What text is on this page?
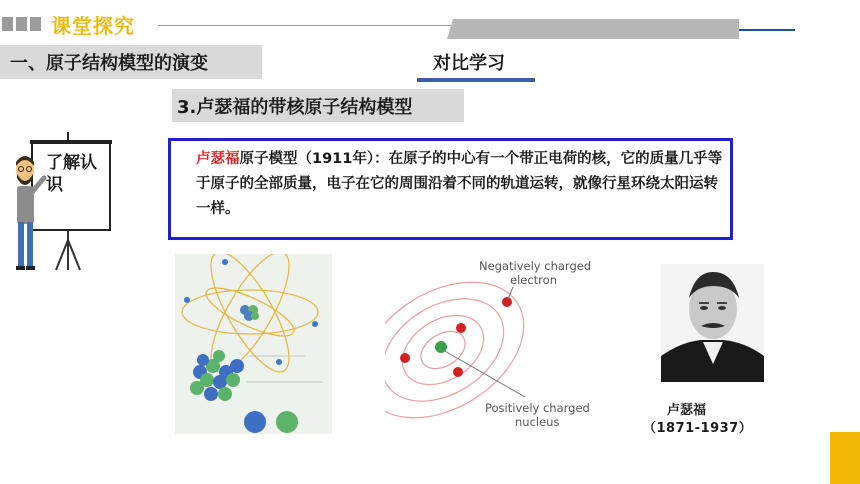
课堂探究
一、原子结构模型的演变	对比学习
3.卢瑟福的带核原子结构模型
卢瑟福原子模型（1911年）：在原子的中心有一个带正电荷的核，它的质量几乎等于原子的全部质量，电子在它的周围沿着不同的轨道运转，就像行星环绕太阳运转一样。
了解认识
Negatively charged
electron
Positively charged
nucleus
卢瑟福
（1871-1937）
